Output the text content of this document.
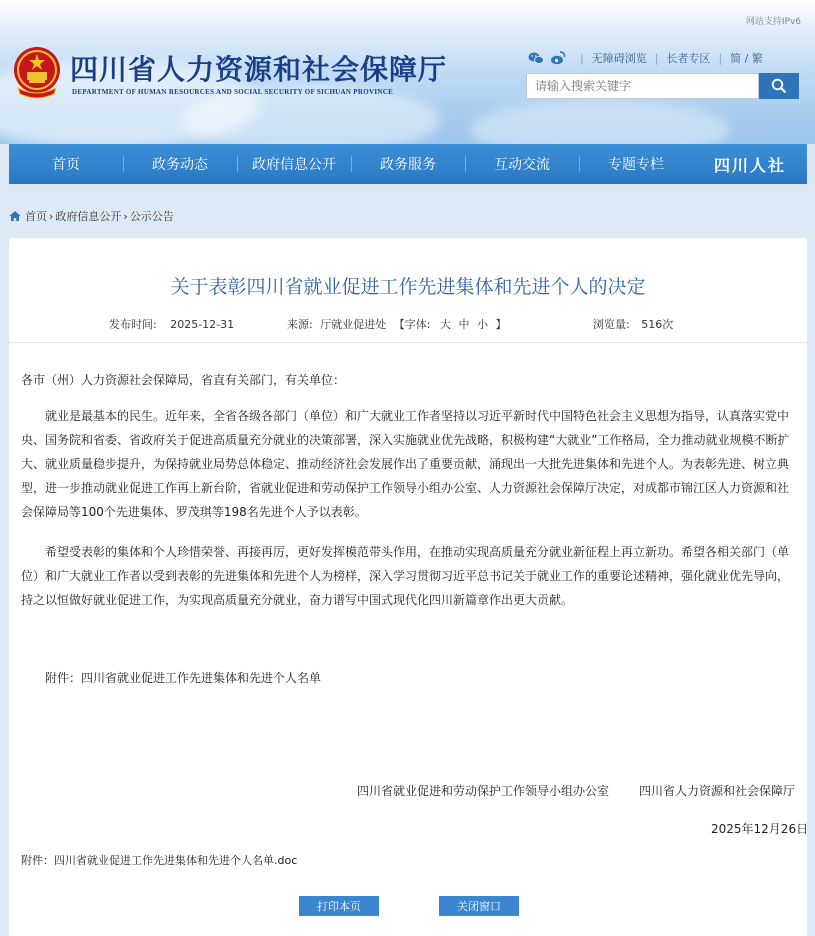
网站支持IPv6
四川省人力资源和社会保障厅
DEPARTMENT OF HUMAN RESOURCES AND SOCIAL SECURITY OF SICHUAN PROVINCE
| 无障碍浏览 | 长者专区 | 简 / 繁
请输入搜索关键字
首页	政务动态	政府信息公开	政务服务	互动交流	专题专栏	四川人社
首页 › 政府信息公开 › 公示公告
关于表彰四川省就业促进工作先进集体和先进个人的决定
发布时间: 2025-12-31	来源: 厅就业促进处 【字体: 大 中 小 】	浏览量: 516次
各市（州）人力资源社会保障局，省直有关部门，有关单位：
就业是最基本的民生。近年来，全省各级各部门（单位）和广大就业工作者坚持以习近平新时代中国特色社会主义思想为指导，认真落实党中央、国务院和省委、省政府关于促进高质量充分就业的决策部署，深入实施就业优先战略，积极构建“大就业”工作格局，全力推动就业规模不断扩大、就业质量稳步提升，为保持就业局势总体稳定、推动经济社会发展作出了重要贡献，涌现出一大批先进集体和先进个人。为表彰先进、树立典型，进一步推动就业促进工作再上新台阶，省就业促进和劳动保护工作领导小组办公室、人力资源社会保障厅决定，对成都市锦江区人力资源和社会保障局等100个先进集体、罗茂琪等198名先进个人予以表彰。
希望受表彰的集体和个人珍惜荣誉、再接再厉，更好发挥模范带头作用，在推动实现高质量充分就业新征程上再立新功。希望各相关部门（单位）和广大就业工作者以受到表彰的先进集体和先进个人为榜样，深入学习贯彻习近平总书记关于就业工作的重要论述精神，强化就业优先导向，持之以恒做好就业促进工作，为实现高质量充分就业，奋力谱写中国式现代化四川新篇章作出更大贡献。
附件：四川省就业促进工作先进集体和先进个人名单
四川省就业促进和劳动保护工作领导小组办公室 四川省人力资源和社会保障厅
2025年12月26日
附件：四川省就业促进工作先进集体和先进个人名单.doc
打印本页	关闭窗口
